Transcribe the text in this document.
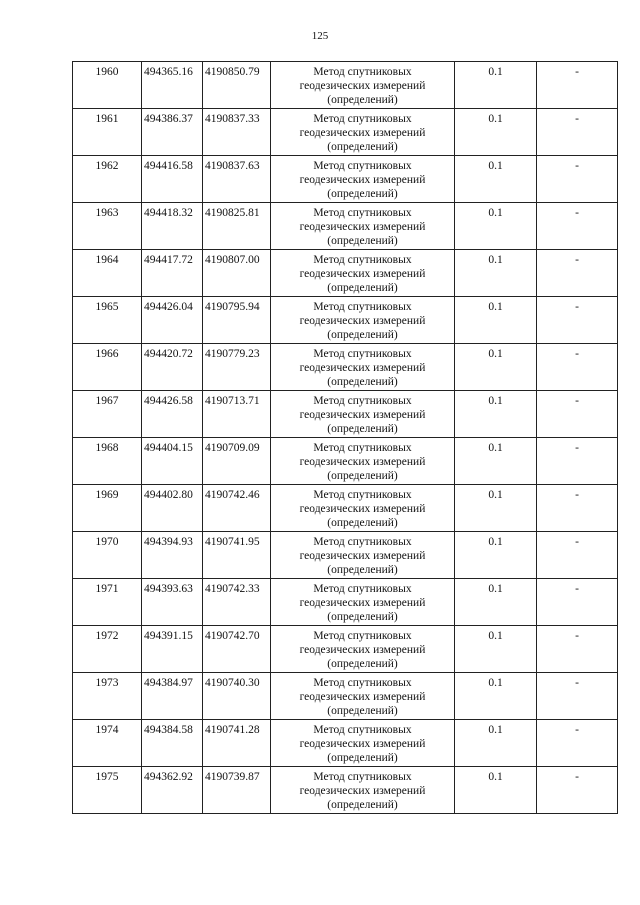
125
1960	494365.16	4190850.79	Метод спутниковых
геодезических измерений
(определений)	0.1	-
1961	494386.37	4190837.33	Метод спутниковых
геодезических измерений
(определений)	0.1	-
1962	494416.58	4190837.63	Метод спутниковых
геодезических измерений
(определений)	0.1	-
1963	494418.32	4190825.81	Метод спутниковых
геодезических измерений
(определений)	0.1	-
1964	494417.72	4190807.00	Метод спутниковых
геодезических измерений
(определений)	0.1	-
1965	494426.04	4190795.94	Метод спутниковых
геодезических измерений
(определений)	0.1	-
1966	494420.72	4190779.23	Метод спутниковых
геодезических измерений
(определений)	0.1	-
1967	494426.58	4190713.71	Метод спутниковых
геодезических измерений
(определений)	0.1	-
1968	494404.15	4190709.09	Метод спутниковых
геодезических измерений
(определений)	0.1	-
1969	494402.80	4190742.46	Метод спутниковых
геодезических измерений
(определений)	0.1	-
1970	494394.93	4190741.95	Метод спутниковых
геодезических измерений
(определений)	0.1	-
1971	494393.63	4190742.33	Метод спутниковых
геодезических измерений
(определений)	0.1	-
1972	494391.15	4190742.70	Метод спутниковых
геодезических измерений
(определений)	0.1	-
1973	494384.97	4190740.30	Метод спутниковых
геодезических измерений
(определений)	0.1	-
1974	494384.58	4190741.28	Метод спутниковых
геодезических измерений
(определений)	0.1	-
1975	494362.92	4190739.87	Метод спутниковых
геодезических измерений
(определений)	0.1	-
